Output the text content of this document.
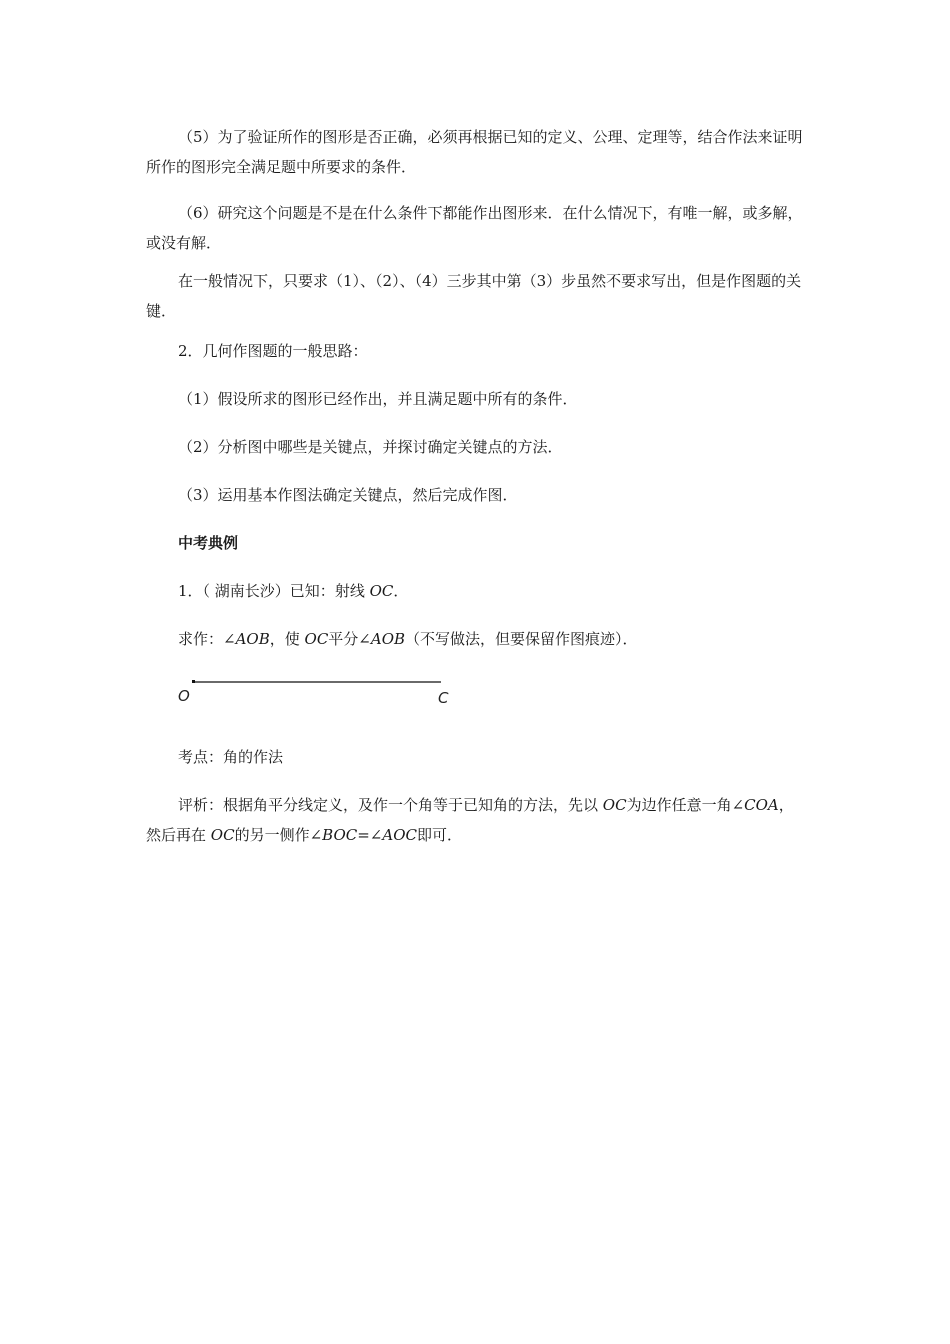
（5）为了验证所作的图形是否正确，必须再根据已知的定义、公理、定理等，结合作法来证明所作的图形完全满足题中所要求的条件．

（6）研究这个问题是不是在什么条件下都能作出图形来．在什么情况下，有唯一解，或多解，或没有解．

在一般情况下，只要求（1）、（2）、（4）三步其中第（3）步虽然不要求写出，但是作图题的关键．

2．几何作图题的一般思路：

（1）假设所求的图形已经作出，并且满足题中所有的条件．

（2）分析图中哪些是关键点，并探讨确定关键点的方法．

（3）运用基本作图法确定关键点，然后完成作图．

中考典例

1．（ 湖南长沙）已知：射线 OC．

求作：∠AOB，使 OC平分∠AOB（不写做法，但要保留作图痕迹）．

O	C

考点：角的作法

评析：根据角平分线定义，及作一个角等于已知角的方法，先以 OC为边作任意一角∠COA，然后再在 OC的另一侧作∠BOC=∠AOC即可．
